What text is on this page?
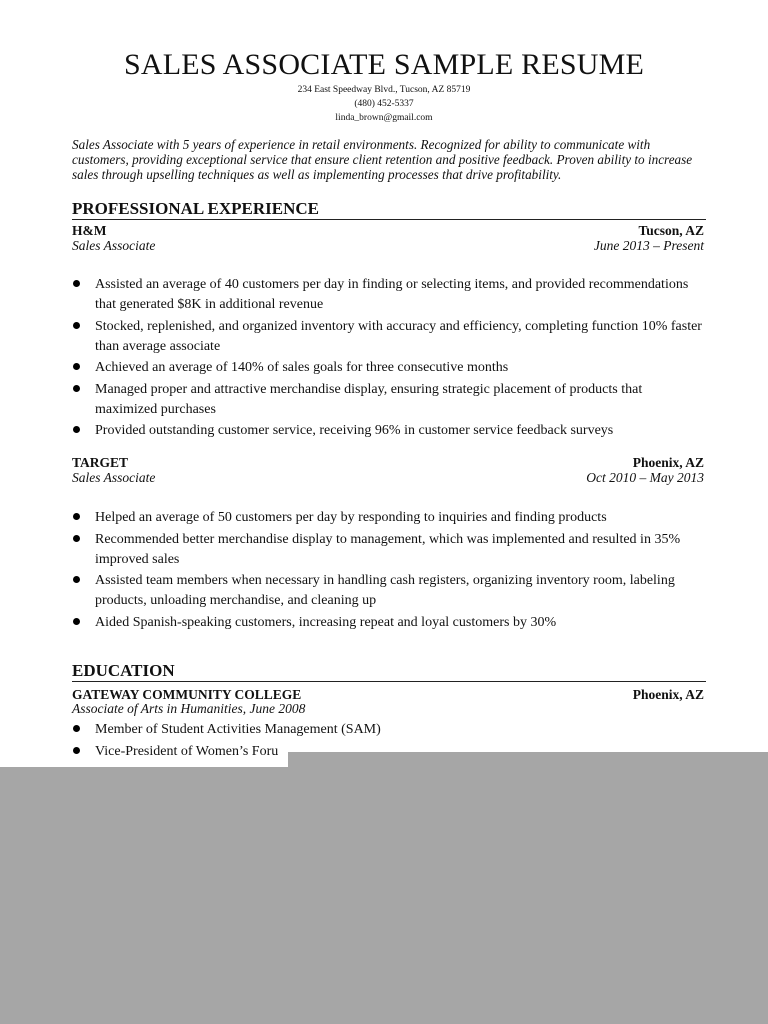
SALES ASSOCIATE SAMPLE RESUME
234 East Speedway Blvd., Tucson, AZ 85719
(480) 452-5337
linda_brown@gmail.com

Sales Associate with 5 years of experience in retail environments. Recognized for ability to communicate with customers, providing exceptional service that ensure client retention and positive feedback. Proven ability to increase sales through upselling techniques as well as implementing processes that drive profitability.

PROFESSIONAL EXPERIENCE
H&M	Tucson, AZ
Sales Associate	June 2013 – Present
Assisted an average of 40 customers per day in finding or selecting items, and provided recommendations that generated $8K in additional revenue
Stocked, replenished, and organized inventory with accuracy and efficiency, completing function 10% faster than average associate
Achieved an average of 140% of sales goals for three consecutive months
Managed proper and attractive merchandise display, ensuring strategic placement of products that maximized purchases
Provided outstanding customer service, receiving 96% in customer service feedback surveys
TARGET	Phoenix, AZ
Sales Associate	Oct 2010 – May 2013
Helped an average of 50 customers per day by responding to inquiries and finding products
Recommended better merchandise display to management, which was implemented and resulted in 35% improved sales
Assisted team members when necessary in handling cash registers, organizing inventory room, labeling products, unloading merchandise, and cleaning up
Aided Spanish-speaking customers, increasing repeat and loyal customers by 30%
EDUCATION
GATEWAY COMMUNITY COLLEGE	Phoenix, AZ
Associate of Arts in Humanities, June 2008
Member of Student Activities Management (SAM)
Vice-President of Women’s Foru
